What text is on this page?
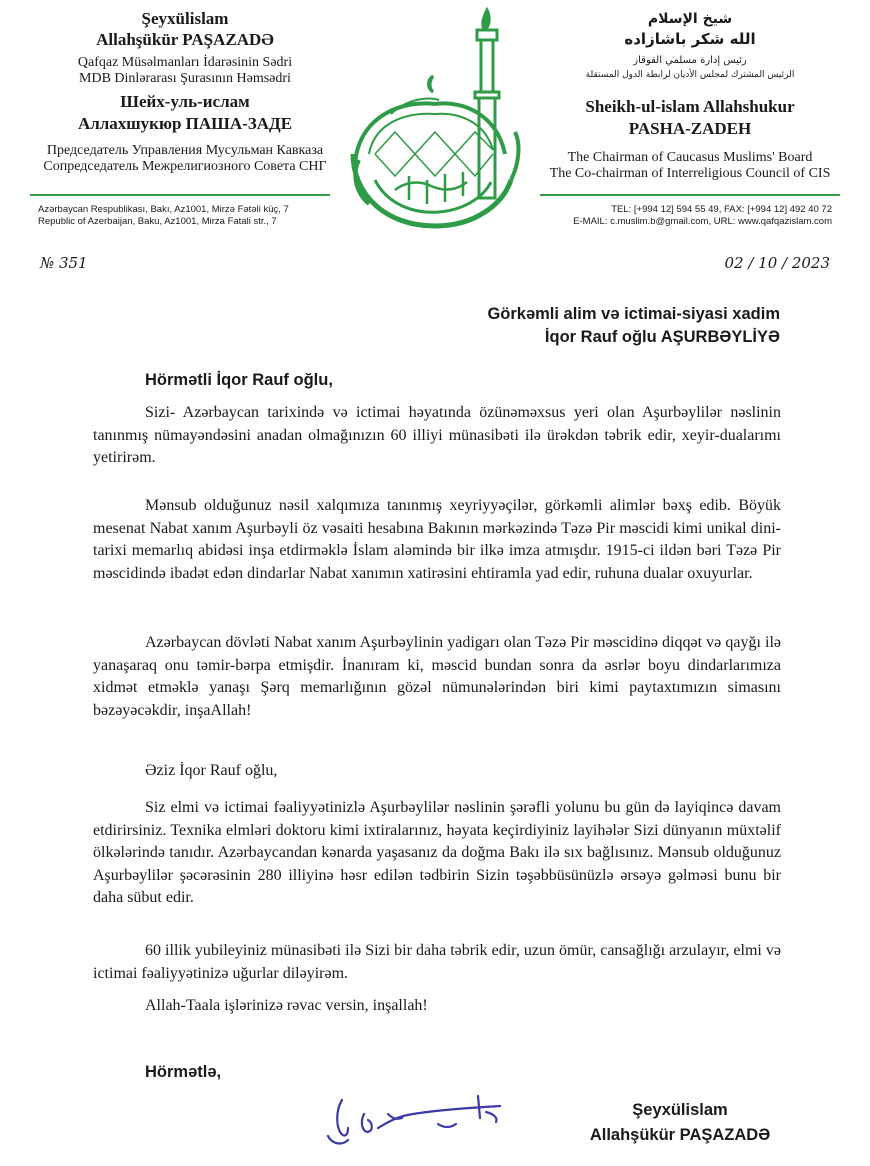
Şeyxülislam
Allahşükür PAŞAZADƏ
Qafqaz Müsəlmanları İdarəsinin Sədri
MDB Dinlərarası Şurasının Həmsədri
Шейх-уль-ислам
Аллахшукюр ПАША-ЗАДЕ
Председатель Управления Мусульман Кавказа
Сопредседатель Межрелигиозного Совета СНГ
Azərbaycan Respublikası, Bakı, Az1001, Mirzə Fətəli küç, 7
Republic of Azerbaijan, Baku, Az1001, Mirza Fatali str., 7
شيخ الإسلام
الله شكر باشازاده
رئيس إدارة مسلمي القوقاز
الرئيس المشترك لمجلس الأديان لرابطة الدول المستقلة
Sheikh-ul-islam Allahshukur
PASHA-ZADEH
The Chairman of Caucasus Muslims' Board
The Co-chairman of Interreligious Council of CIS
TEL: [+994 12] 594 55 49, FAX: [+994 12] 492 40 72
E-MAIL: c.muslim.b@gmail.com, URL: www.qafqazislam.com
№ 351	02 / 10 / 2023
Görkəmli alim və ictimai-siyasi xadim
İqor Rauf oğlu AŞURBƏYLİYƏ
Hörmətli İqor Rauf oğlu,
Sizi- Azərbaycan tarixində və ictimai həyatında özünəməxsus yeri olan Aşurbəylilər nəslinin tanınmış nümayəndəsini anadan olmağınızın 60 illiyi münasibəti ilə ürəkdən təbrik edir, xeyir-dualarımı yetirirəm.
Mənsub olduğunuz nəsil xalqımıza tanınmış xeyriyyəçilər, görkəmli alimlər bəxş edib. Böyük mesenat Nabat xanım Aşurbəyli öz vəsaiti hesabına Bakının mərkəzində Təzə Pir məscidi kimi unikal dini-tarixi memarlıq abidəsi inşa etdirməklə İslam aləmində bir ilkə imza atmışdır. 1915-ci ildən bəri Təzə Pir məscidində ibadət edən dindarlar Nabat xanımın xatirəsini ehtiramla yad edir, ruhuna dualar oxuyurlar.
Azərbaycan dövləti Nabat xanım Aşurbəylinin yadigarı olan Təzə Pir məscidinə diqqət və qayğı ilə yanaşaraq onu təmir-bərpa etmişdir. İnanıram ki, məscid bundan sonra da əsrlər boyu dindarlarımıza xidmət etməklə yanaşı Şərq memarlığının gözəl nümunələrindən biri kimi paytaxtımızın simasını bəzəyəcəkdir, inşaAllah!
Əziz İqor Rauf oğlu,
Siz elmi və ictimai fəaliyyətinizlə Aşurbəylilər nəslinin şərəfli yolunu bu gün də layiqincə davam etdirirsiniz. Texnika elmləri doktoru kimi ixtiralarınız, həyata keçirdiyiniz layihələr Sizi dünyanın müxtəlif ölkələrində tanıdır. Azərbaycandan kənarda yaşasanız da doğma Bakı ilə sıx bağlısınız. Mənsub olduğunuz Aşurbəylilər şəcərəsinin 280 illiyinə həsr edilən tədbirin Sizin təşəbbüsünüzlə ərsəyə gəlməsi bunu bir daha sübut edir.
60 illik yubileyiniz münasibəti ilə Sizi bir daha təbrik edir, uzun ömür, cansağlığı arzulayır, elmi və ictimai fəaliyyətinizə uğurlar diləyirəm.
Allah-Taala işlərinizə rəvac versin, inşallah!
Hörmətlə,
Şeyxülislam
Allahşükür PAŞAZADƏ
